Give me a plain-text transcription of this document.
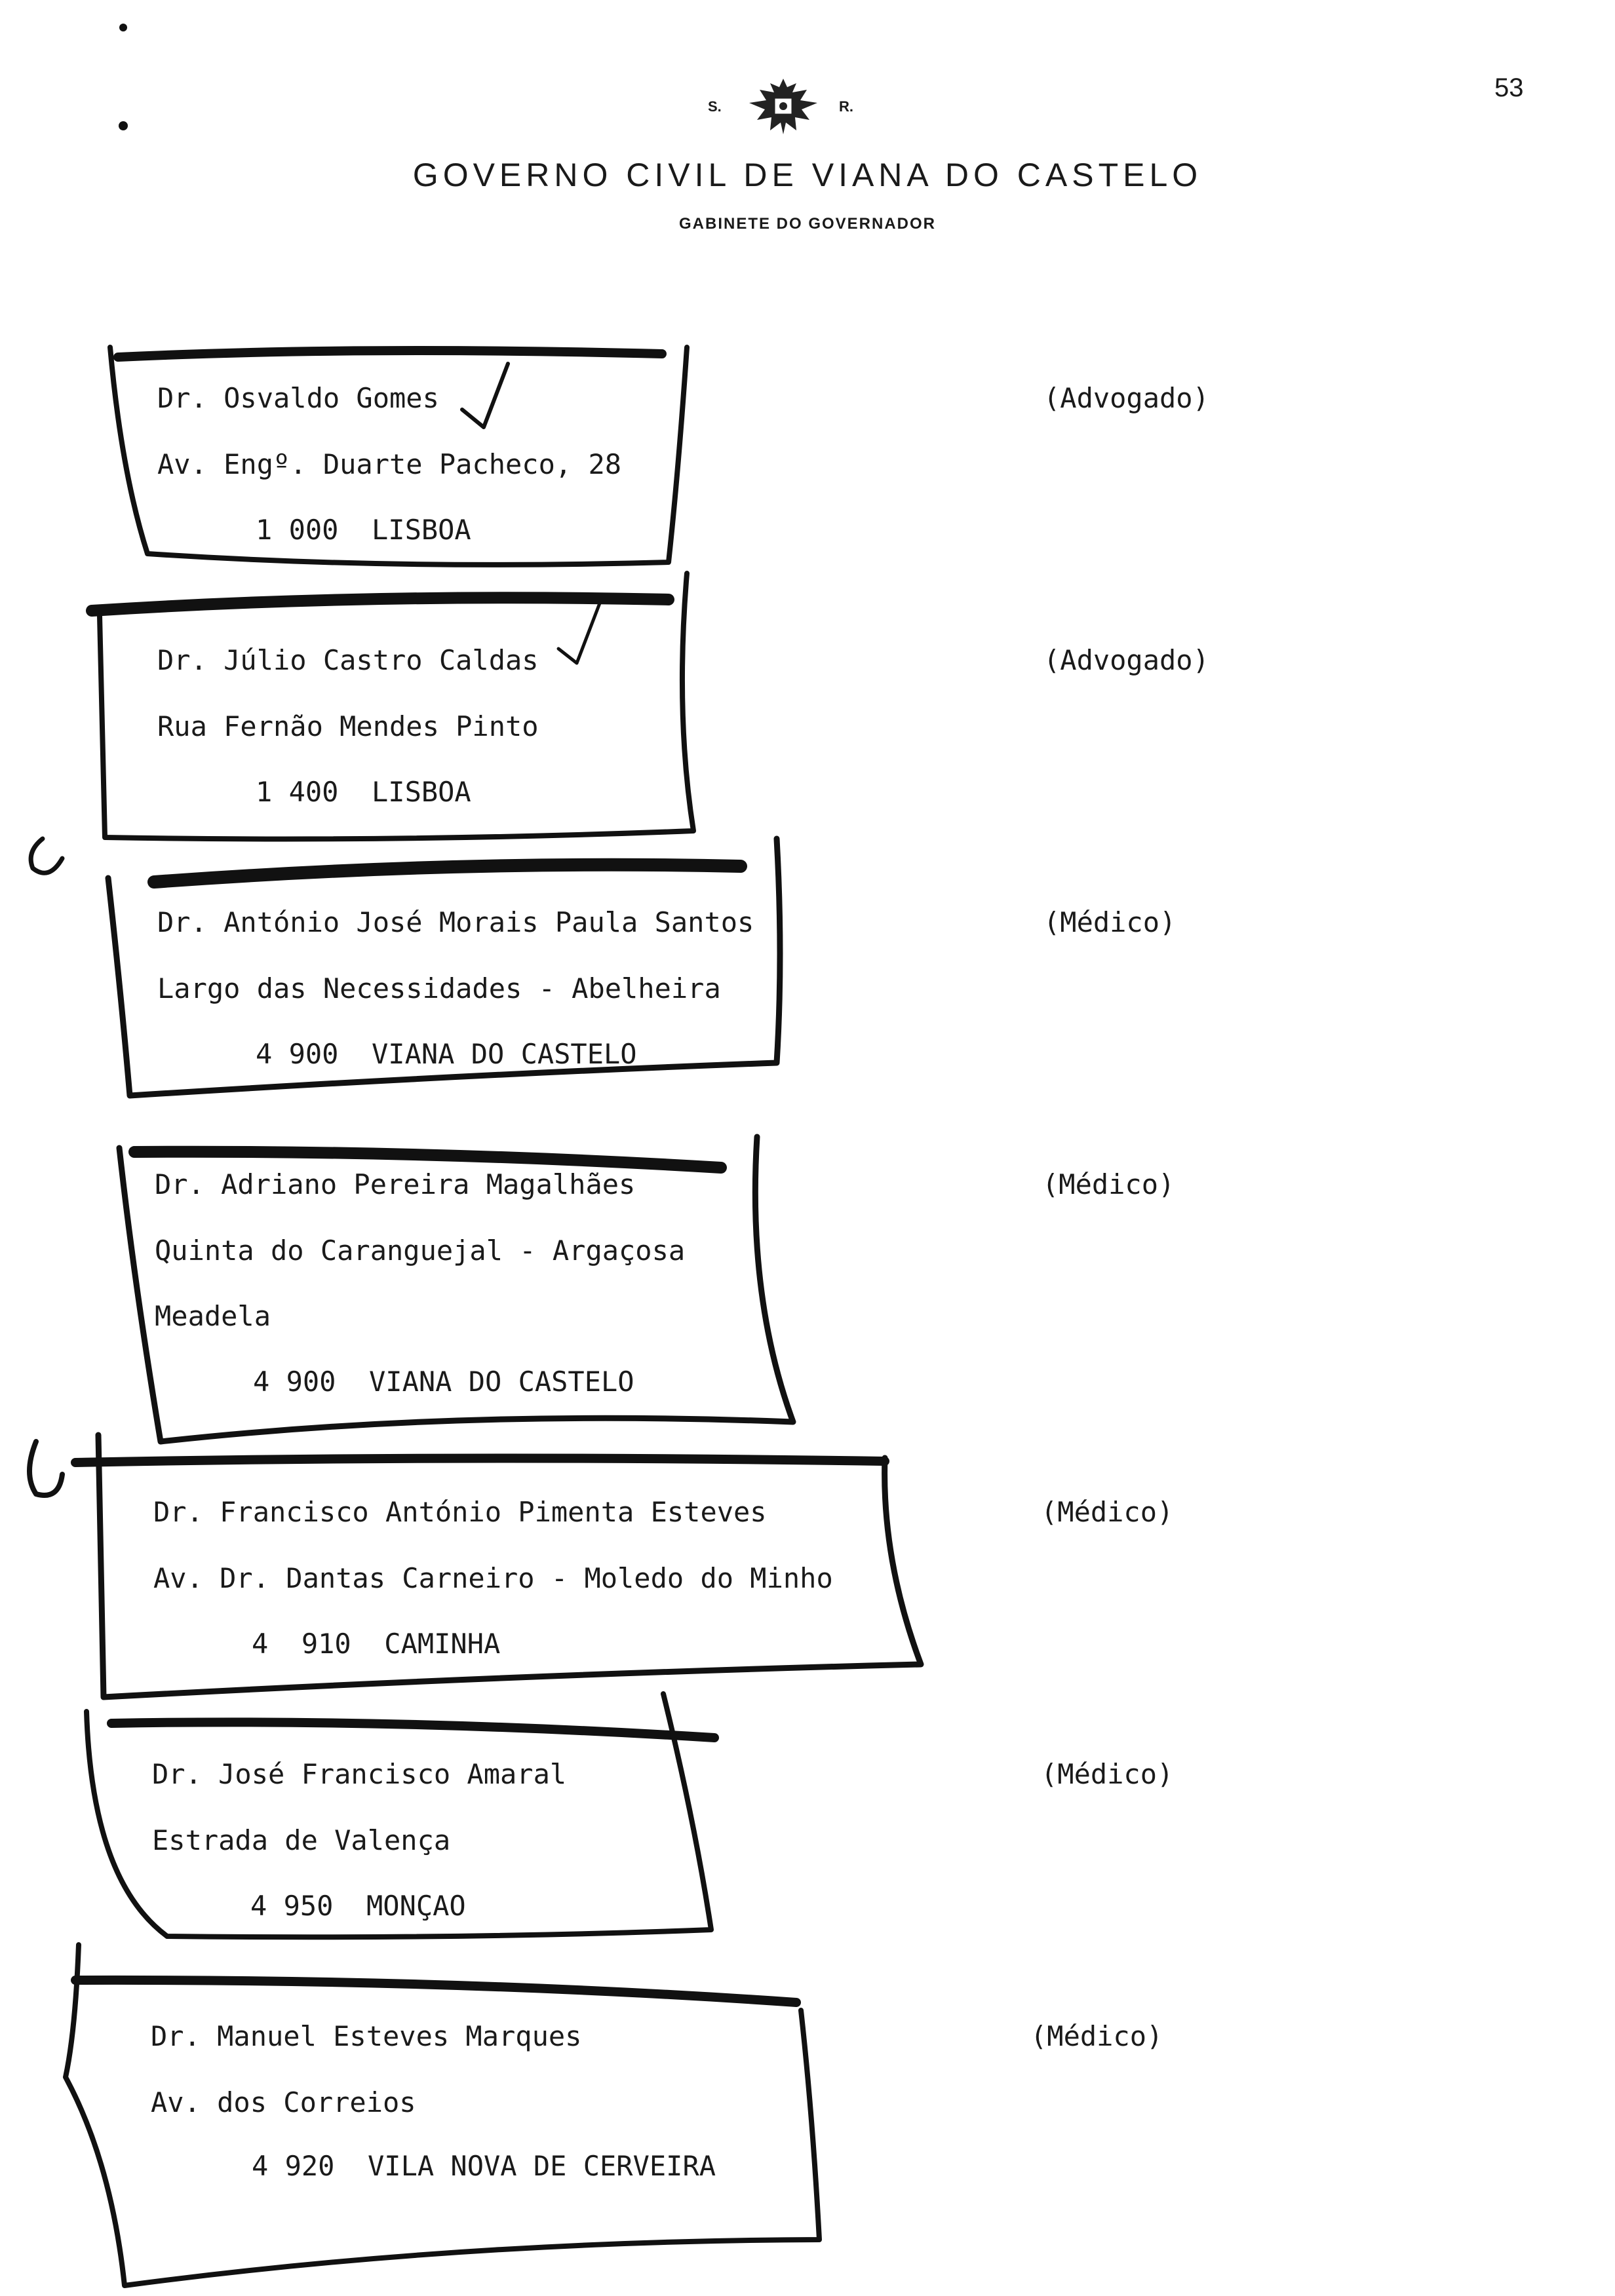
53
S.	R.
GOVERNO CIVIL DE VIANA DO CASTELO
GABINETE DO GOVERNADOR
Dr. Osvaldo Gomes
Av. Engº. Duarte Pacheco, 28
1 000  LISBOA
(Advogado)
Dr. Júlio Castro Caldas
Rua Fernão Mendes Pinto
1 400  LISBOA
(Advogado)
Dr. António José Morais Paula Santos
Largo das Necessidades - Abelheira
4 900  VIANA DO CASTELO
(Médico)
Dr. Adriano Pereira Magalhães
Quinta do Caranguejal - Argaçosa
Meadela
4 900  VIANA DO CASTELO
(Médico)
Dr. Francisco António Pimenta Esteves
Av. Dr. Dantas Carneiro - Moledo do Minho
4  910  CAMINHA
(Médico)
Dr. José Francisco Amaral
Estrada de Valença
4 950  MONÇAO
(Médico)
Dr. Manuel Esteves Marques
Av. dos Correios
4 920  VILA NOVA DE CERVEIRA
(Médico)
